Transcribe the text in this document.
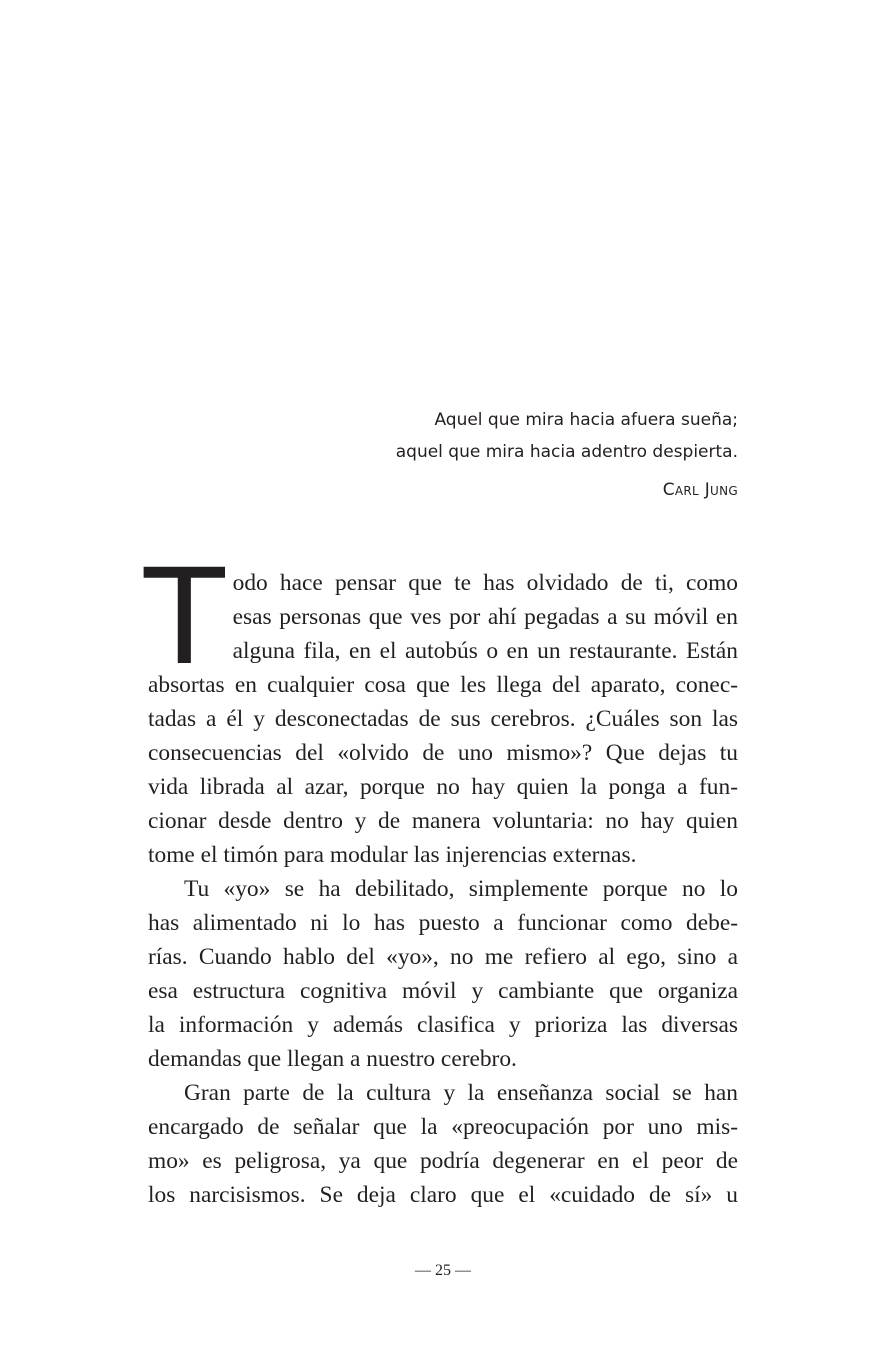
Aquel que mira hacia afuera sueña;
aquel que mira hacia adentro despierta.
Carl Jung

T odo hace pensar que te has olvidado de ti, como
esas personas que ves por ahí pegadas a su móvil en
alguna fila, en el autobús o en un restaurante. Están
absortas en cualquier cosa que les llega del aparato, conec-
tadas a él y desconectadas de sus cerebros. ¿Cuáles son las
consecuencias del «olvido de uno mismo»? Que dejas tu
vida librada al azar, porque no hay quien la ponga a fun-
cionar desde dentro y de manera voluntaria: no hay quien
tome el timón para modular las injerencias externas.

Tu «yo» se ha debilitado, simplemente porque no lo
has alimentado ni lo has puesto a funcionar como debe-
rías. Cuando hablo del «yo», no me refiero al ego, sino a
esa estructura cognitiva móvil y cambiante que organiza
la información y además clasifica y prioriza las diversas
demandas que llegan a nuestro cerebro.

Gran parte de la cultura y la enseñanza social se han
encargado de señalar que la «preocupación por uno mis-
mo» es peligrosa, ya que podría degenerar en el peor de
los narcisismos. Se deja claro que el «cuidado de sí» u

— 25 —
